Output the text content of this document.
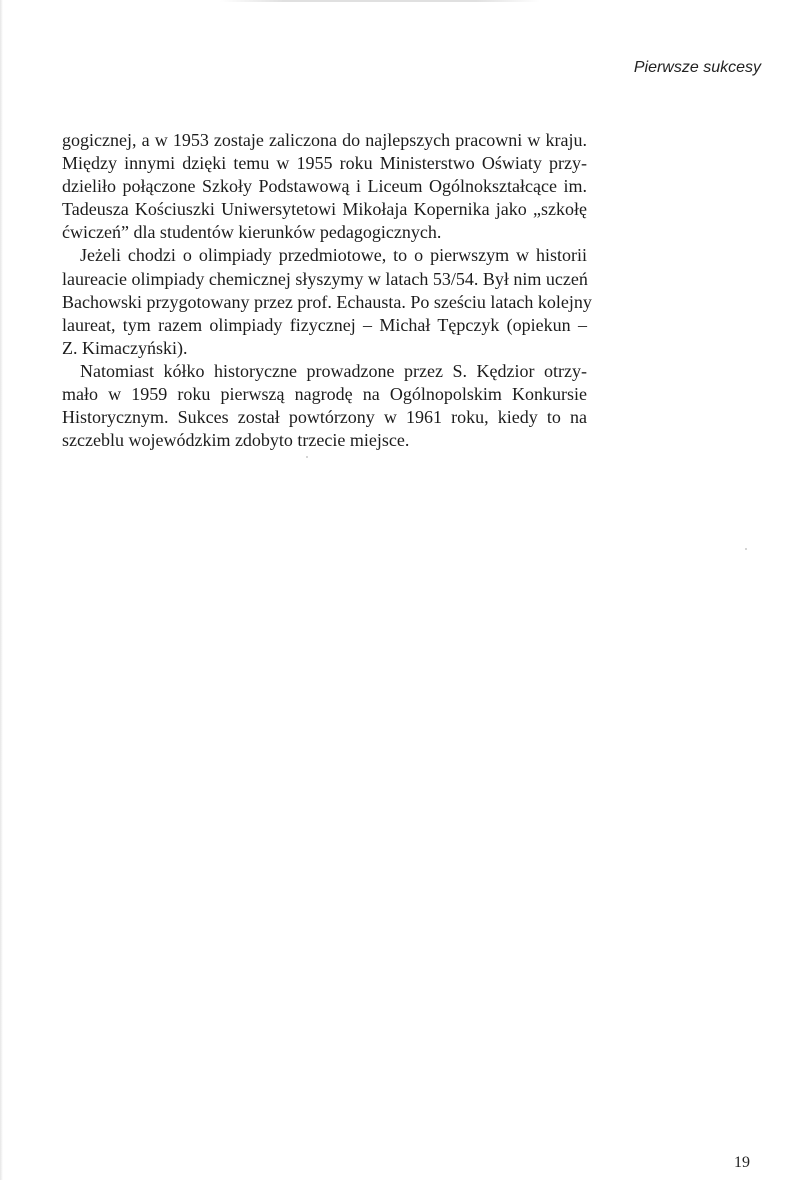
Pierwsze sukcesy
gogicznej, a w 1953 zostaje zaliczona do najlepszych pracowni w kraju.
Między innymi dzięki temu w 1955 roku Ministerstwo Oświaty przy-
dzieliło połączone Szkoły Podstawową i Liceum Ogólnokształcące im.
Tadeusza Kościuszki Uniwersytetowi Mikołaja Kopernika jako „szkołę
ćwiczeń” dla studentów kierunków pedagogicznych.
Jeżeli chodzi o olimpiady przedmiotowe, to o pierwszym w historii
laureacie olimpiady chemicznej słyszymy w latach 53/54. Był nim uczeń
Bachowski przygotowany przez prof. Echausta. Po sześciu latach kolejny
laureat, tym razem olimpiady fizycznej – Michał Tępczyk (opiekun –
Z. Kimaczyński).
Natomiast kółko historyczne prowadzone przez S. Kędzior otrzy-
mało w 1959 roku pierwszą nagrodę na Ogólnopolskim Konkursie
Historycznym. Sukces został powtórzony w 1961 roku, kiedy to na
szczeblu wojewódzkim zdobyto trzecie miejsce.
19
